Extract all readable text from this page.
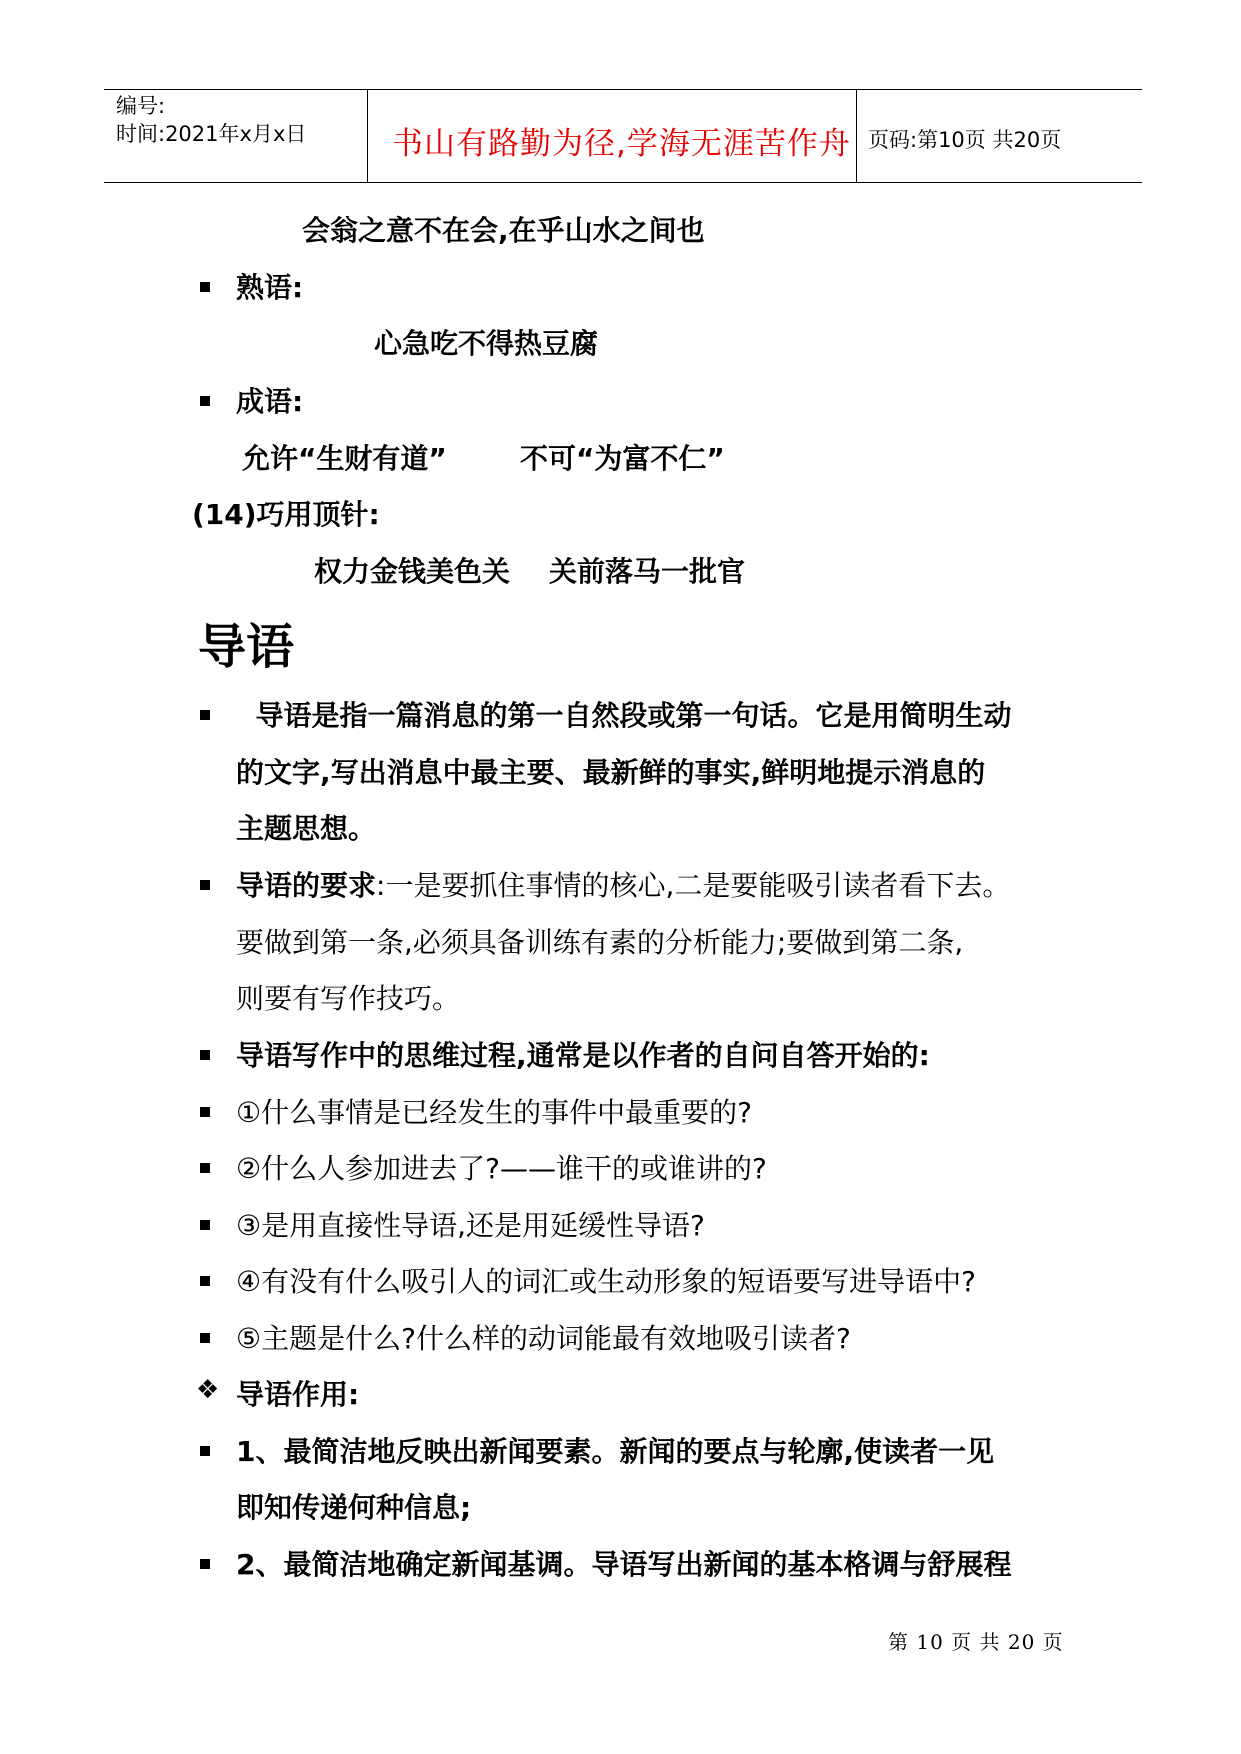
编号:
时间:2021年x月x日	书山有路勤为径,学海无涯苦作舟 页码:第10页 共20页
会翁之意不在会,在乎山水之间也
熟语:
心急吃不得热豆腐
成语:
允许“生财有道”	不可“为富不仁”
(14)巧用顶针:
权力金钱美色关    关前落马一批官
导语
导语是指一篇消息的第一自然段或第一句话。它是用简明生动
的文字,写出消息中最主要、最新鲜的事实,鲜明地提示消息的
主题思想。
导语的要求:一是要抓住事情的核心,二是要能吸引读者看下去。
要做到第一条,必须具备训练有素的分析能力;要做到第二条,
则要有写作技巧。
导语写作中的思维过程,通常是以作者的自问自答开始的:
①什么事情是已经发生的事件中最重要的?
②什么人参加进去了?——谁干的或谁讲的?
③是用直接性导语,还是用延缓性导语?
④有没有什么吸引人的词汇或生动形象的短语要写进导语中?
⑤主题是什么?什么样的动词能最有效地吸引读者?
❖ 导语作用:
1、最简洁地反映出新闻要素。新闻的要点与轮廓,使读者一见
即知传递何种信息;
2、最简洁地确定新闻基调。导语写出新闻的基本格调与舒展程
第 10 页 共 20 页
